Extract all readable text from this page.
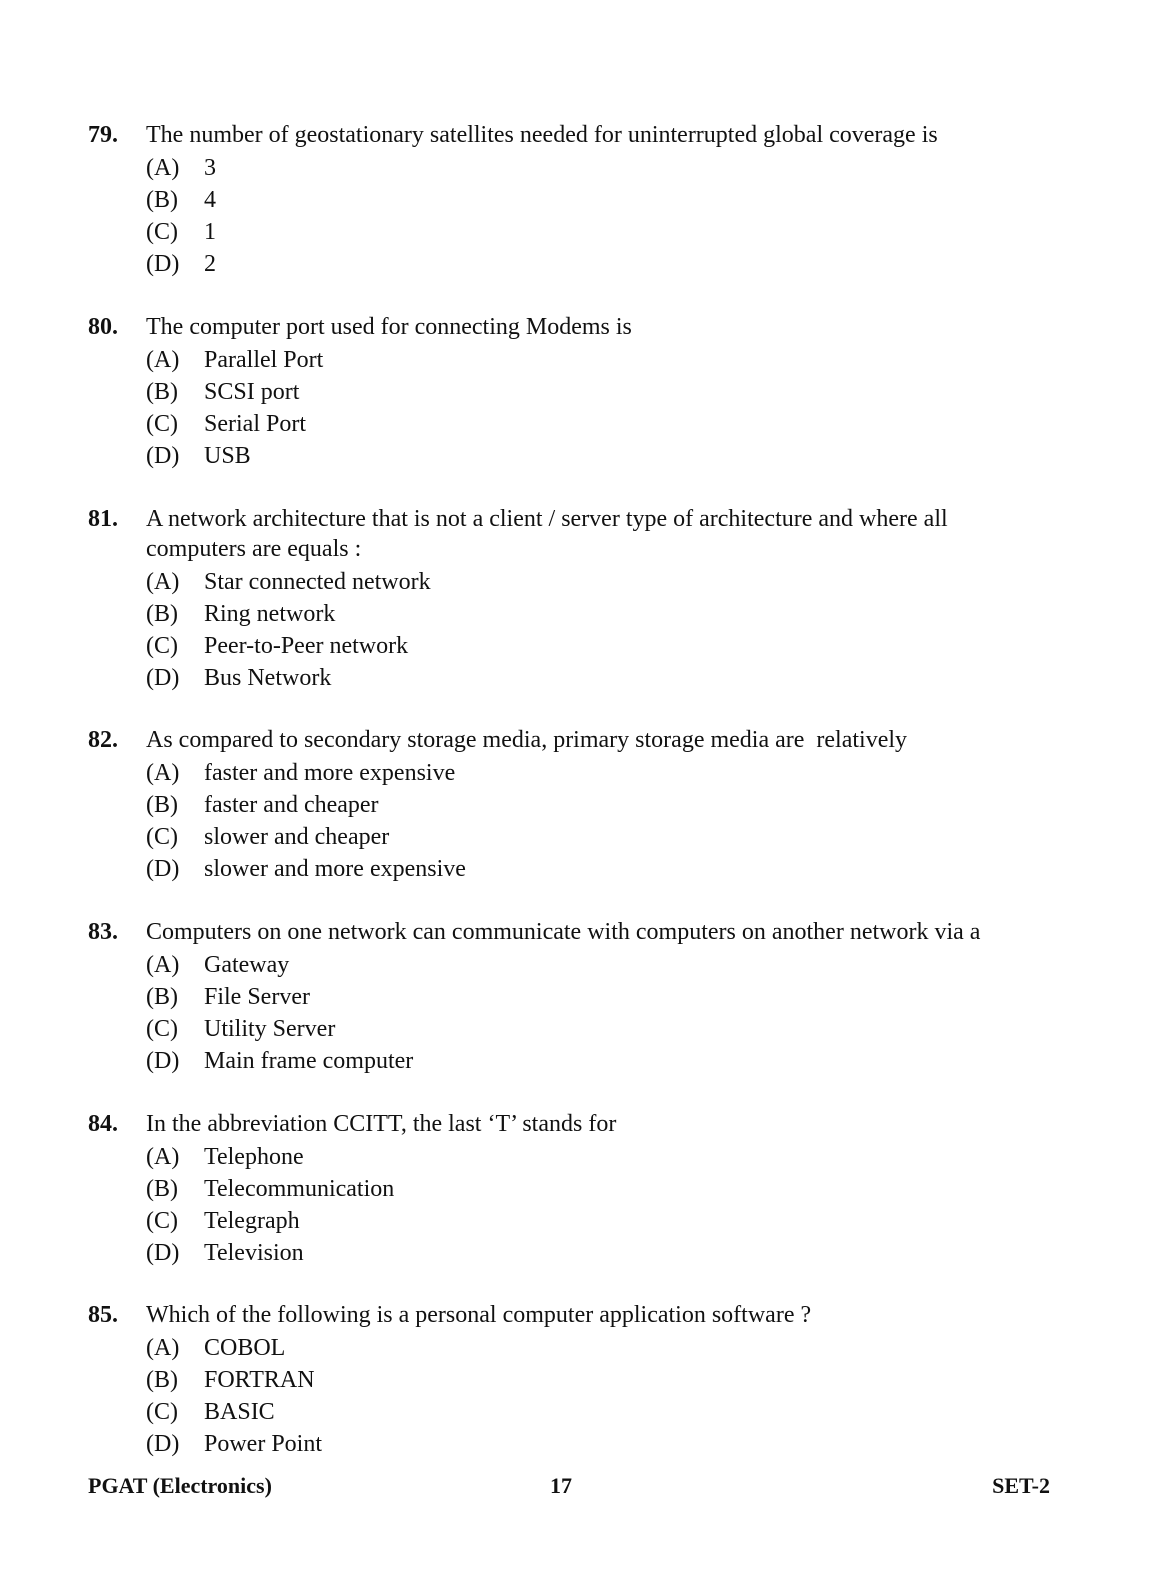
79.	The number of geostationary satellites needed for uninterrupted global coverage is
(A)	3
(B)	4
(C)	1
(D)	2
80.	The computer port used for connecting Modems is
(A)	Parallel Port
(B)	SCSI port
(C)	Serial Port
(D)	USB
81.	A network architecture that is not a client / server type of architecture and where all computers are equals :
(A)	Star connected network
(B)	Ring network
(C)	Peer-to-Peer network
(D)	Bus Network
82.	As compared to secondary storage media, primary storage media are  relatively
(A)	faster and more expensive
(B)	faster and cheaper
(C)	slower and cheaper
(D)	slower and more expensive
83.	Computers on one network can communicate with computers on another network via a
(A)	Gateway
(B)	File Server
(C)	Utility Server
(D)	Main frame computer
84.	In the abbreviation CCITT, the last ‘T’ stands for
(A)	Telephone
(B)	Telecommunication
(C)	Telegraph
(D)	Television
85.	Which of the following is a personal computer application software ?
(A)	COBOL
(B)	FORTRAN
(C)	BASIC
(D)	Power Point
PGAT (Electronics)	17	SET-2
